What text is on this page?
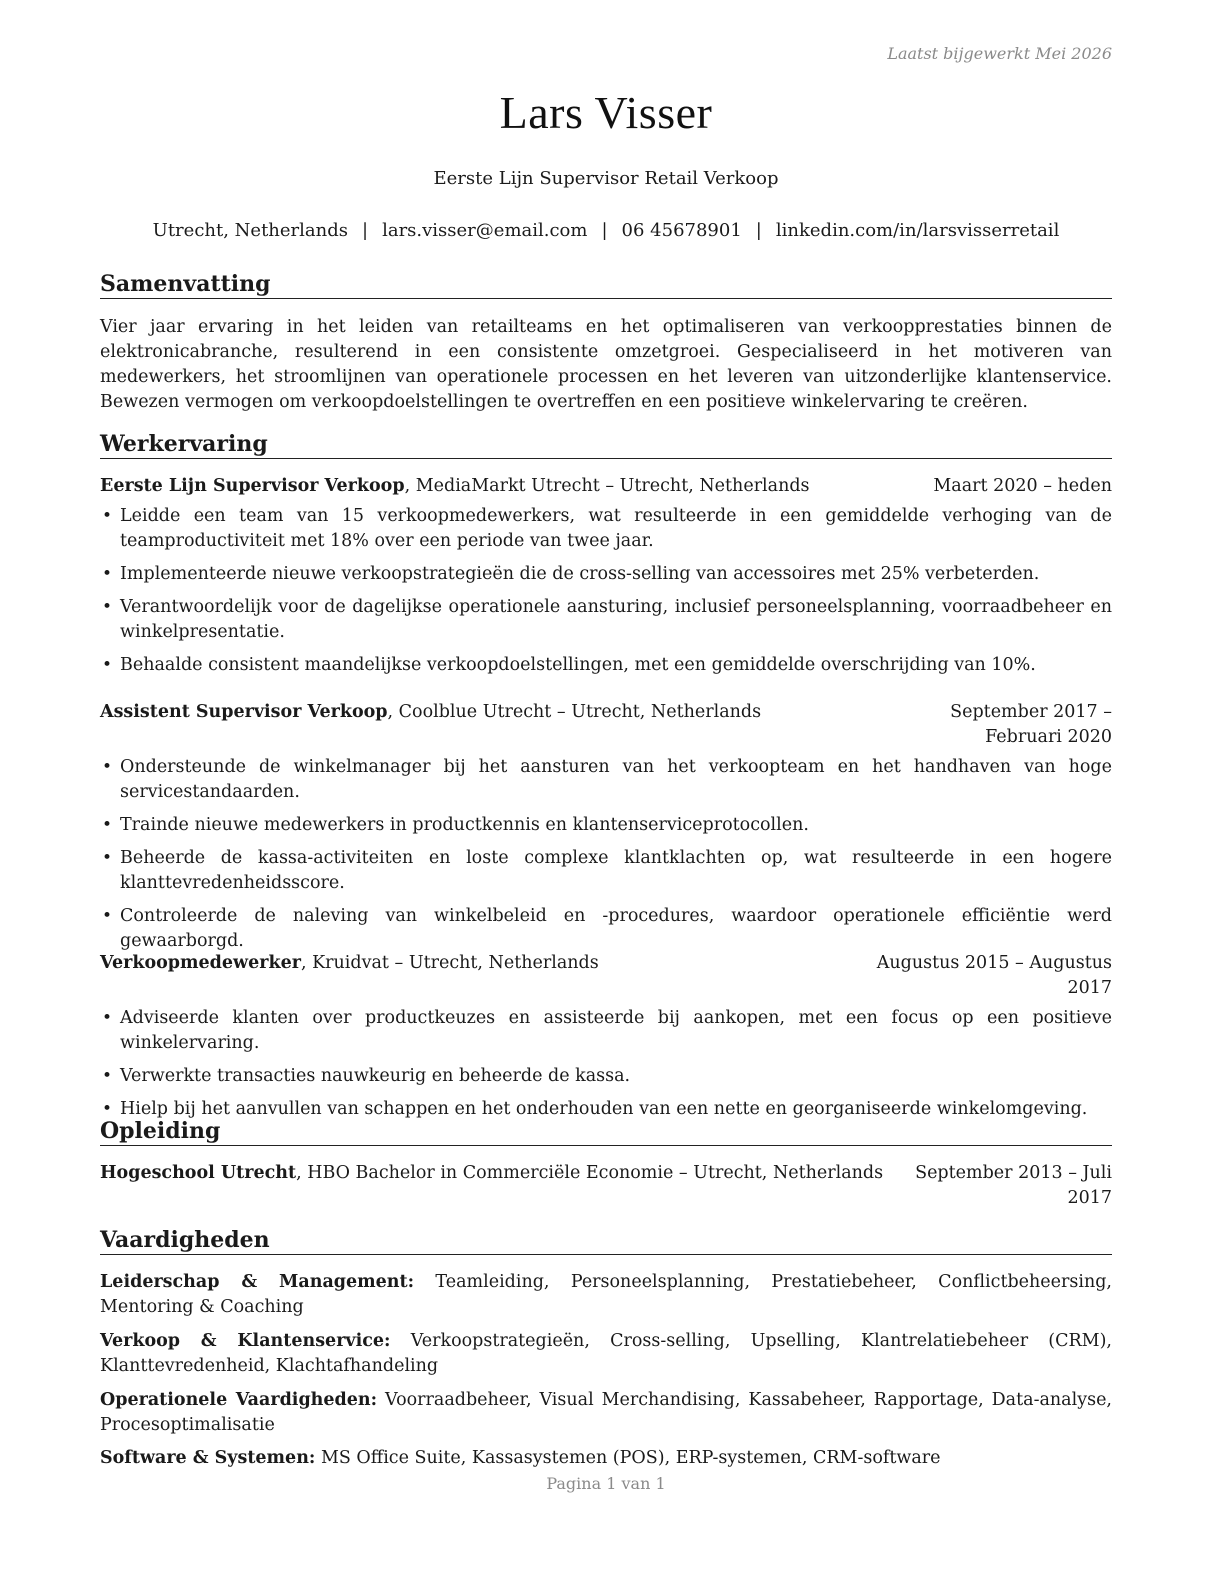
Laatst bijgewerkt Mei 2026
Lars Visser
Eerste Lijn Supervisor Retail Verkoop
Utrecht, Netherlands | lars.visser@email.com | 06 45678901 | linkedin.com/in/larsvisserretail
Samenvatting
Vier jaar ervaring in het leiden van retailteams en het optimaliseren van verkoopprestaties binnen de elektronicabranche, resulterend in een consistente omzetgroei. Gespecialiseerd in het motiveren van medewerkers, het stroomlijnen van operationele processen en het leveren van uitzonderlijke klantenservice. Bewezen vermogen om verkoopdoelstellingen te overtreffen en een positieve winkelervaring te creëren.
Werkervaring
Eerste Lijn Supervisor Verkoop, MediaMarkt Utrecht – Utrecht, Netherlands	Maart 2020 – heden
• Leidde een team van 15 verkoopmedewerkers, wat resulteerde in een gemiddelde verhoging van de teamproductiviteit met 18% over een periode van twee jaar.
• Implementeerde nieuwe verkoopstrategieën die de cross-selling van accessoires met 25% verbeterden.
• Verantwoordelijk voor de dagelijkse operationele aansturing, inclusief personeelsplanning, voorraadbeheer en winkelpresentatie.
• Behaalde consistent maandelijkse verkoopdoelstellingen, met een gemiddelde overschrijding van 10%.
Assistent Supervisor Verkoop, Coolblue Utrecht – Utrecht, Netherlands	September 2017 – Februari 2020
• Ondersteunde de winkelmanager bij het aansturen van het verkoopteam en het handhaven van hoge servicestandaarden.
• Trainde nieuwe medewerkers in productkennis en klantenserviceprotocollen.
• Beheerde de kassa-activiteiten en loste complexe klantklachten op, wat resulteerde in een hogere klanttevredenheidsscore.
• Controleerde de naleving van winkelbeleid en -procedures, waardoor operationele efficiëntie werd gewaarborgd.
Verkoopmedewerker, Kruidvat – Utrecht, Netherlands	Augustus 2015 – Augustus 2017
• Adviseerde klanten over productkeuzes en assisteerde bij aankopen, met een focus op een positieve winkelervaring.
• Verwerkte transacties nauwkeurig en beheerde de kassa.
• Hielp bij het aanvullen van schappen en het onderhouden van een nette en georganiseerde winkelomgeving.
Opleiding
Hogeschool Utrecht, HBO Bachelor in Commerciële Economie – Utrecht, Netherlands	September 2013 – Juli 2017
Vaardigheden
Leiderschap & Management: Teamleiding, Personeelsplanning, Prestatiebeheer, Conflictbeheersing, Mentoring & Coaching
Verkoop & Klantenservice: Verkoopstrategieën, Cross-selling, Upselling, Klantrelatiebeheer (CRM), Klanttevredenheid, Klachtafhandeling
Operationele Vaardigheden: Voorraadbeheer, Visual Merchandising, Kassabeheer, Rapportage, Data-analyse, Procesoptimalisatie
Software & Systemen: MS Office Suite, Kassasystemen (POS), ERP-systemen, CRM-software
Pagina 1 van 1
